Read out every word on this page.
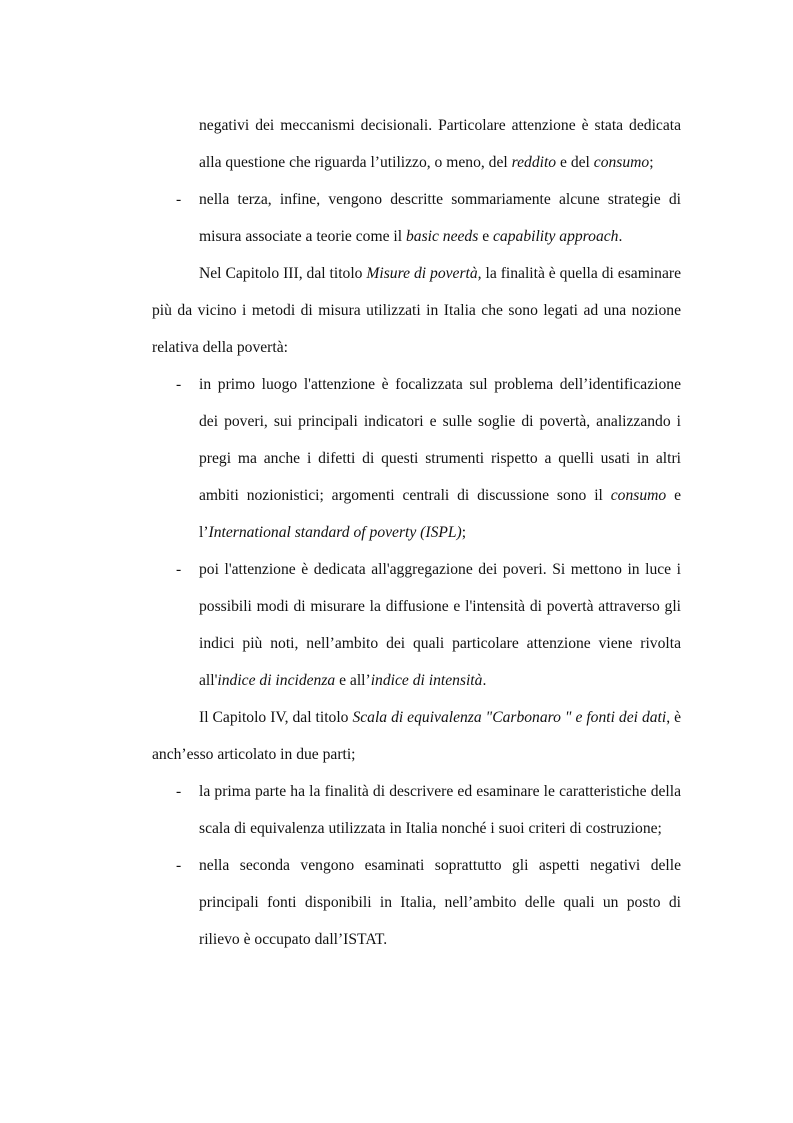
negativi dei meccanismi decisionali. Particolare attenzione è stata dedicata alla questione che riguarda l’utilizzo, o meno, del reddito e del consumo;

- nella terza, infine, vengono descritte sommariamente alcune strategie di misura associate a teorie come il basic needs e capability approach.

Nel Capitolo III, dal titolo Misure di povertà, la finalità è quella di esaminare più da vicino i metodi di misura utilizzati in Italia che sono legati ad una nozione relativa della povertà:

- in primo luogo l'attenzione è focalizzata sul problema dell’identificazione dei poveri, sui principali indicatori e sulle soglie di povertà, analizzando i pregi ma anche i difetti di questi strumenti rispetto a quelli usati in altri ambiti nozionistici; argomenti centrali di discussione sono il consumo e l’International standard of poverty (ISPL);
- poi l'attenzione è dedicata all'aggregazione dei poveri. Si mettono in luce i possibili modi di misurare la diffusione e l'intensità di povertà attraverso gli indici più noti, nell’ambito dei quali particolare attenzione viene rivolta all'indice di incidenza e all’indice di intensità.

Il Capitolo IV, dal titolo Scala di equivalenza "Carbonaro " e fonti dei dati, è anch’esso articolato in due parti;

- la prima parte ha la finalità di descrivere ed esaminare le caratteristiche della scala di equivalenza utilizzata in Italia nonché i suoi criteri di costruzione;
- nella seconda vengono esaminati soprattutto gli aspetti negativi delle principali fonti disponibili in Italia, nell’ambito delle quali un posto di rilievo è occupato dall’ISTAT.
